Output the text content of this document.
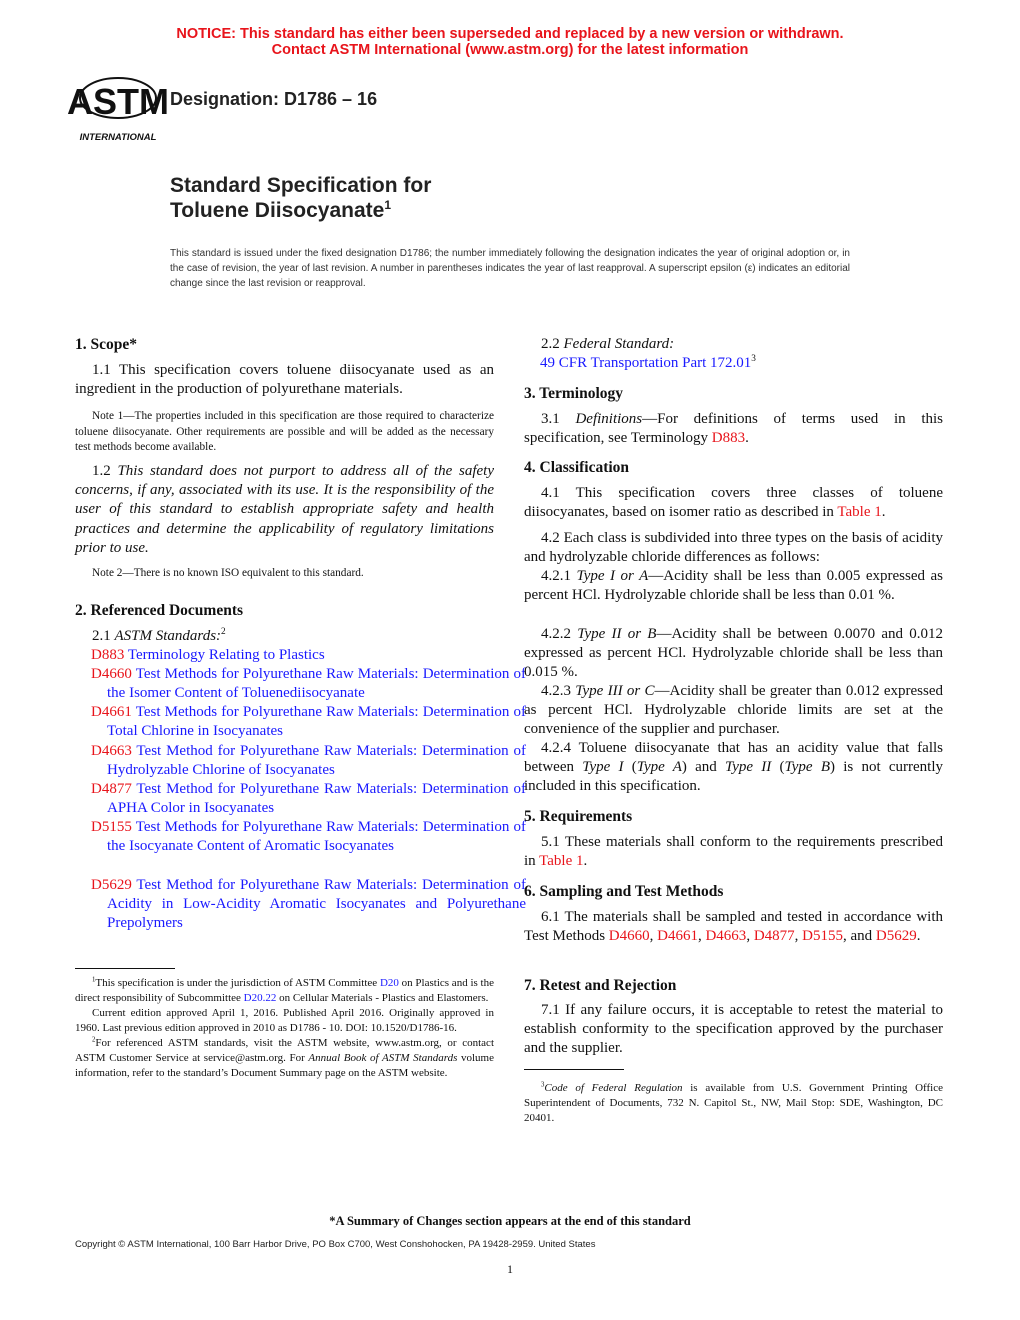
NOTICE: This standard has either been superseded and replaced by a new version or withdrawn.
Contact ASTM International (www.astm.org) for the latest information
ASTM
INTERNATIONAL
Designation: D1786 – 16
Standard Specification for
Toluene Diisocyanate$^1$
This standard is issued under the fixed designation D1786; the number immediately following the designation indicates the year of original adoption or, in the case of revision, the year of last revision. A number in parentheses indicates the year of last reapproval. A superscript epsilon (ε) indicates an editorial change since the last revision or reapproval.
1. Scope*
1.1 This specification covers toluene diisocyanate used as an ingredient in the production of polyurethane materials.
Note 1—The properties included in this specification are those required to characterize toluene diisocyanate. Other requirements are possible and will be added as the necessary test methods become available.
1.2 This standard does not purport to address all of the safety concerns, if any, associated with its use. It is the responsibility of the user of this standard to establish appropriate safety and health practices and determine the applicability of regulatory limitations prior to use.
Note 2—There is no known ISO equivalent to this standard.
2. Referenced Documents
2.1 ASTM Standards:$^2$
D883 Terminology Relating to Plastics
D4660 Test Methods for Polyurethane Raw Materials: Determination of the Isomer Content of Toluenediisocyanate
D4661 Test Methods for Polyurethane Raw Materials: Determination of Total Chlorine in Isocyanates
D4663 Test Method for Polyurethane Raw Materials: Determination of Hydrolyzable Chlorine of Isocyanates
D4877 Test Method for Polyurethane Raw Materials: Determination of APHA Color in Isocyanates
D5155 Test Methods for Polyurethane Raw Materials: Determination of the Isocyanate Content of Aromatic Isocyanates
D5629 Test Method for Polyurethane Raw Materials: Determination of Acidity in Low-Acidity Aromatic Isocyanates and Polyurethane Prepolymers
$^1$This specification is under the jurisdiction of ASTM Committee D20 on Plastics and is the direct responsibility of Subcommittee D20.22 on Cellular Materials - Plastics and Elastomers.
Current edition approved April 1, 2016. Published April 2016. Originally approved in 1960. Last previous edition approved in 2010 as D1786 - 10. DOI: 10.1520/D1786-16.
$^2$For referenced ASTM standards, visit the ASTM website, www.astm.org, or contact ASTM Customer Service at service@astm.org. For Annual Book of ASTM Standards volume information, refer to the standard’s Document Summary page on the ASTM website.
2.2 Federal Standard:
49 CFR Transportation Part 172.01$^3$
3. Terminology
3.1 Definitions—For definitions of terms used in this specification, see Terminology D883.
4. Classification
4.1 This specification covers three classes of toluene diisocyanates, based on isomer ratio as described in Table 1.
4.2 Each class is subdivided into three types on the basis of acidity and hydrolyzable chloride differences as follows:
4.2.1 Type I or A—Acidity shall be less than 0.005 expressed as percent HCl. Hydrolyzable chloride shall be less than 0.01 %.
4.2.2 Type II or B—Acidity shall be between 0.0070 and 0.012 expressed as percent HCl. Hydrolyzable chloride shall be less than 0.015 %.
4.2.3 Type III or C—Acidity shall be greater than 0.012 expressed as percent HCl. Hydrolyzable chloride limits are set at the convenience of the supplier and purchaser.
4.2.4 Toluene diisocyanate that has an acidity value that falls between Type I (Type A) and Type II (Type B) is not currently included in this specification.
5. Requirements
5.1 These materials shall conform to the requirements prescribed in Table 1.
6. Sampling and Test Methods
6.1 The materials shall be sampled and tested in accordance with Test Methods D4660, D4661, D4663, D4877, D5155, and D5629.
7. Retest and Rejection
7.1 If any failure occurs, it is acceptable to retest the material to establish conformity to the specification approved by the purchaser and the supplier.
$^3$Code of Federal Regulation is available from U.S. Government Printing Office Superintendent of Documents, 732 N. Capitol St., NW, Mail Stop: SDE, Washington, DC 20401.
*A Summary of Changes section appears at the end of this standard
Copyright © ASTM International, 100 Barr Harbor Drive, PO Box C700, West Conshohocken, PA 19428-2959. United States
1
